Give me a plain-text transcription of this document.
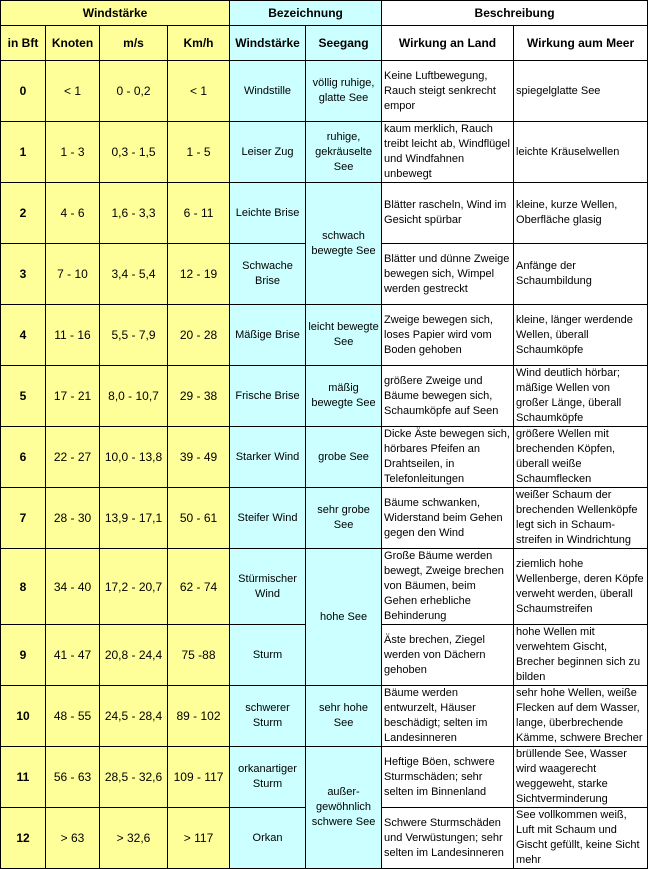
Windstärke				Bezeichnung		Beschreibung	
in Bft	Knoten	m/s	Km/h	Windstärke	Seegang	Wirkung an Land	Wirkung aum Meer
0	< 1	0 - 0,2	< 1	Windstille	völlig ruhige, glatte See	Keine Luftbewegung, Rauch steigt senkrecht empor	spiegelglatte See
1	1 - 3	0,3 - 1,5	1 - 5	Leiser Zug	ruhige, gekräuselte See	kaum merklich, Rauch treibt leicht ab, Windflügel und Windfahnen unbewegt	leichte Kräuselwellen
2	4 - 6	1,6 - 3,3	6 - 11	Leichte Brise	schwach bewegte See	Blätter rascheln, Wind im Gesicht spürbar	kleine, kurze Wellen, Oberfläche glasig
3	7 - 10	3,4 - 5,4	12 - 19	Schwache Brise		Blätter und dünne Zweige bewegen sich, Wimpel werden gestreckt	Anfänge der Schaumbildung
4	11 - 16	5,5 - 7,9	20 - 28	Mäßige Brise	leicht bewegte See	Zweige bewegen sich, loses Papier wird vom Boden gehoben	kleine, länger werdende Wellen, überall Schaumköpfe
5	17 - 21	8,0 - 10,7	29 - 38	Frische Brise	mäßig bewegte See	größere Zweige und Bäume bewegen sich, Schaumköpfe auf Seen	Wind deutlich hörbar; mäßige Wellen von großer Länge, überall Schaumköpfe
6	22 - 27	10,0 - 13,8	39 - 49	Starker Wind	grobe See	Dicke Äste bewegen sich, hörbares Pfeifen an Drahtseilen, in Telefonleitungen	größere Wellen mit brechenden Köpfen, überall weiße Schaumflecken
7	28 - 30	13,9 - 17,1	50 - 61	Steifer Wind	sehr grobe See	Bäume schwanken, Widerstand beim Gehen gegen den Wind	weißer Schaum der brechenden Wellenköpfe legt sich in Schaum-streifen in Windrichtung
8	34 - 40	17,2 - 20,7	62 - 74	Stürmischer Wind	hohe See	Große Bäume werden bewegt, Zweige brechen von Bäumen, beim Gehen erhebliche Behinderung	ziemlich hohe Wellenberge, deren Köpfe verweht werden, überall Schaumstreifen
9	41 - 47	20,8 - 24,4	75 -88	Sturm		Äste brechen, Ziegel werden von Dächern gehoben	hohe Wellen mit verwehtem Gischt, Brecher beginnen sich zu bilden
10	48 - 55	24,5 - 28,4	89 - 102	schwerer Sturm	sehr hohe See	Bäume werden entwurzelt, Häuser beschädigt; selten im Landesinneren	sehr hohe Wellen, weiße Flecken auf dem Wasser, lange, überbrechende Kämme, schwere Brecher
11	56 - 63	28,5 - 32,6	109 - 117	orkanartiger Sturm	außer-gewöhnlich schwere See	Heftige Böen, schwere Sturmschäden; sehr selten im Binnenland	brüllende See, Wasser wird waagerecht weggeweht, starke Sichtverminderung
12	> 63	> 32,6	> 117	Orkan		Schwere Sturmschäden und Verwüstungen; sehr selten im Landesinneren	See vollkommen weiß, Luft mit Schaum und Gischt gefüllt, keine Sicht mehr
